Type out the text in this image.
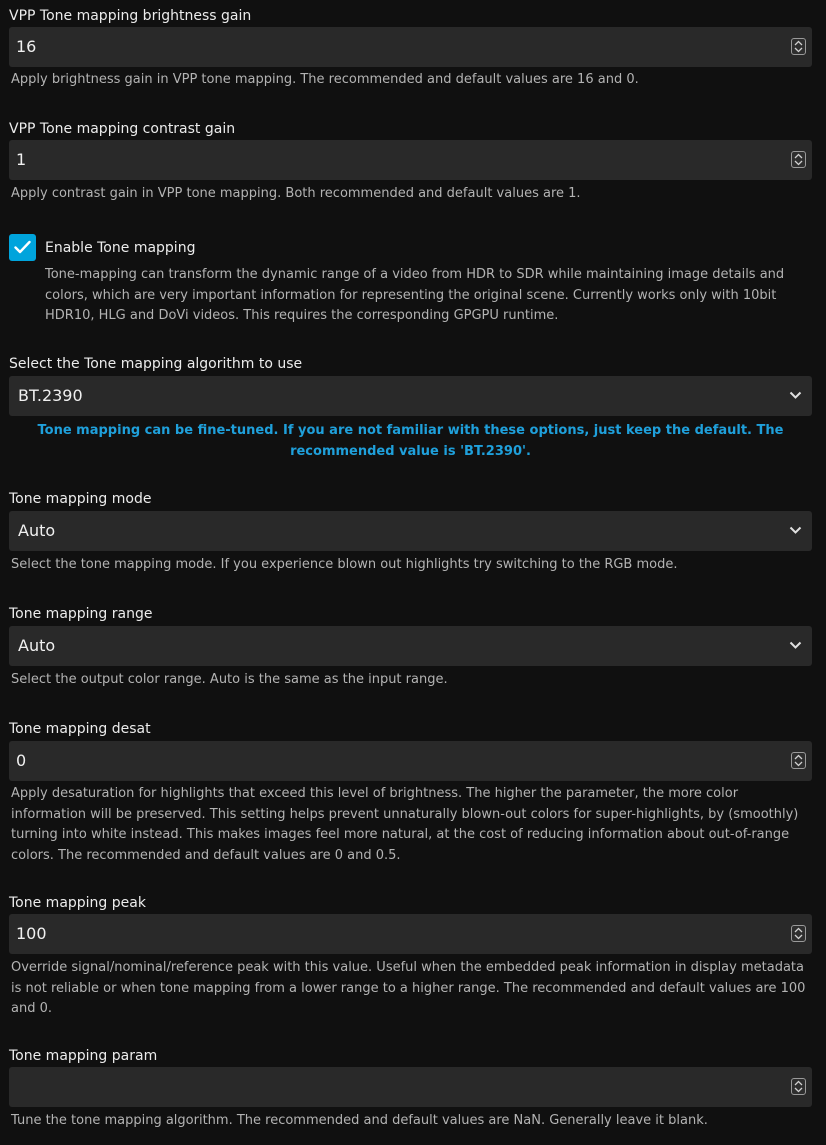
VPP Tone mapping brightness gain
16
Apply brightness gain in VPP tone mapping. The recommended and default values are 16 and 0.
VPP Tone mapping contrast gain
1
Apply contrast gain in VPP tone mapping. Both recommended and default values are 1.
Enable Tone mapping
Tone-mapping can transform the dynamic range of a video from HDR to SDR while maintaining image details and colors, which are very important information for representing the original scene. Currently works only with 10bit HDR10, HLG and DoVi videos. This requires the corresponding GPGPU runtime.
Select the Tone mapping algorithm to use
BT.2390
Tone mapping can be fine-tuned. If you are not familiar with these options, just keep the default. The recommended value is 'BT.2390'.
Tone mapping mode
Auto
Select the tone mapping mode. If you experience blown out highlights try switching to the RGB mode.
Tone mapping range
Auto
Select the output color range. Auto is the same as the input range.
Tone mapping desat
0
Apply desaturation for highlights that exceed this level of brightness. The higher the parameter, the more color information will be preserved. This setting helps prevent unnaturally blown-out colors for super-highlights, by (smoothly) turning into white instead. This makes images feel more natural, at the cost of reducing information about out-of-range colors. The recommended and default values are 0 and 0.5.
Tone mapping peak
100
Override signal/nominal/reference peak with this value. Useful when the embedded peak information in display metadata is not reliable or when tone mapping from a lower range to a higher range. The recommended and default values are 100 and 0.
Tone mapping param
Tune the tone mapping algorithm. The recommended and default values are NaN. Generally leave it blank.
